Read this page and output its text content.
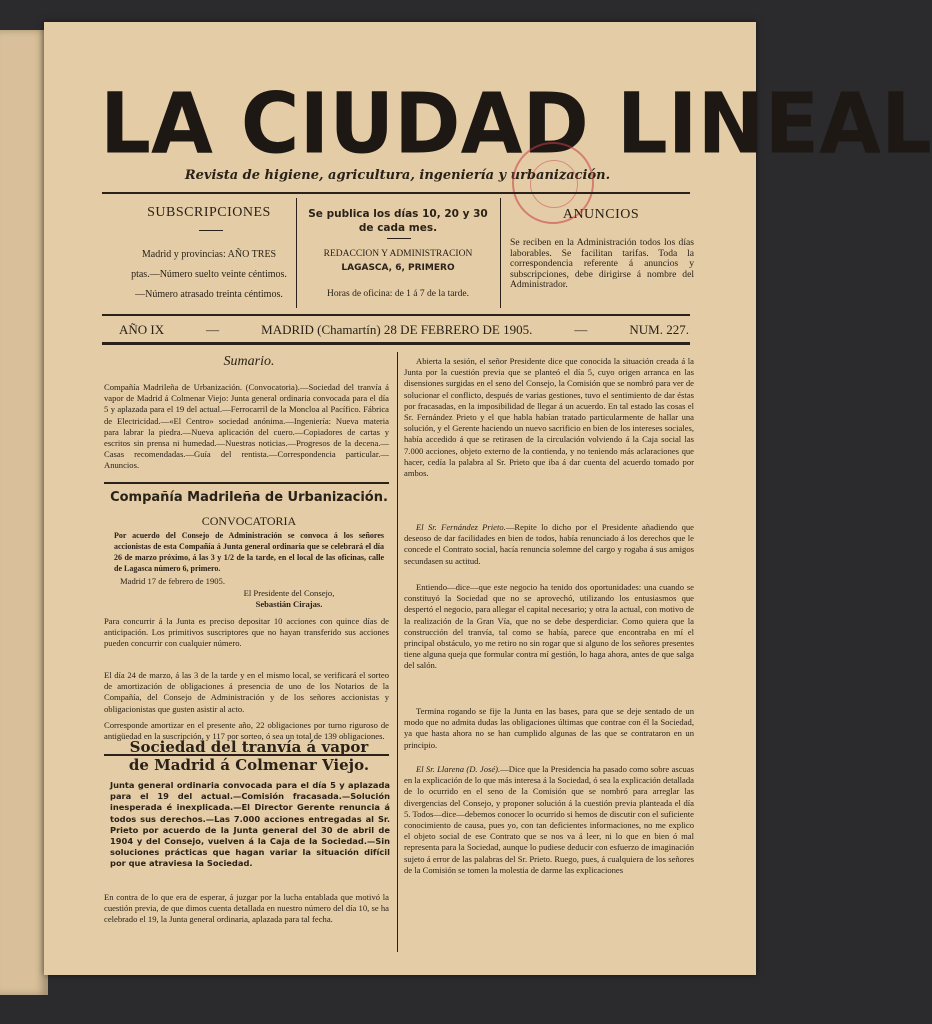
LA CIUDAD LINEAL
Revista de higiene, agricultura, ingeniería y urbanización.
SUBSCRIPCIONES
Madrid y provincias: AÑO TRES
ptas.—Número suelto veinte céntimos.
—Número atrasado treinta céntimos.
Se publica los días 10, 20 y 30
de cada mes.
REDACCION Y ADMINISTRACION
LAGASCA, 6, PRIMERO
Horas de oficina: de 1 á 7 de la tarde.
ANUNCIOS
Se reciben en la Administración todos los días laborables. Se facilitan tarifas. Toda la correspondencia referente á anuncios y subscripciones, debe dirigirse á nombre del Administrador.
AÑO IX	—	MADRID (Chamartín) 28 DE FEBRERO DE 1905.	—	NUM. 227.
Sumario.
Compañía Madrileña de Urbanización. (Convocatoria).—Sociedad del tranvía á vapor de Madrid á Colmenar Viejo: Junta general ordinaria convocada para el día 5 y aplazada para el 19 del actual.—Ferrocarril de la Moncloa al Pacífico. Fábrica de Electricidad.—«El Centro» sociedad anónima.—Ingeniería: Nueva materia para labrar la piedra.—Nueva aplicación del cuero.—Copiadores de cartas y escritos sin prensa ni humedad.—Nuestras noticias.—Progresos de la decena.—Casas recomendadas.—Guía del rentista.—Correspondencia particular.—Anuncios.
Compañía Madrileña de Urbanización.
CONVOCATORIA
Por acuerdo del Consejo de Administración se convoca á los señores accionistas de esta Compañía á Junta general ordinaria que se celebrará el día 26 de marzo próximo, á las 3 y 1/2 de la tarde, en el local de las oficinas, calle de Lagasca número 6, primero.
Madrid 17 de febrero de 1905.
El Presidente del Consejo,
Sebastián Cirajas.
Para concurrir á la Junta es preciso depositar 10 acciones con quince días de anticipación. Los primitivos suscriptores que no hayan transferido sus acciones pueden concurrir con cualquier número.
El día 24 de marzo, á las 3 de la tarde y en el mismo local, se verificará el sorteo de amortización de obligaciones á presencia de uno de los Notarios de la Compañía, del Consejo de Administración y de los señores accionistas y obligacionistas que gusten asistir al acto.
Corresponde amortizar en el presente año, 22 obligaciones por turno riguroso de antigüedad en la suscripción, y 117 por sorteo, ó sea un total de 139 obligaciones.
Sociedad del tranvía á vapor
de Madrid á Colmenar Viejo.
Junta general ordinaria convocada para el día 5 y aplazada para el 19 del actual.—Comisión fracasada.—Solución inesperada é inexplicada.—El Director Gerente renuncia á todos sus derechos.—Las 7.000 acciones entregadas al Sr. Prieto por acuerdo de la Junta general del 30 de abril de 1904 y del Consejo, vuelven á la Caja de la Sociedad.—Sin soluciones prácticas que hagan variar la situación difícil por que atraviesa la Sociedad.
En contra de lo que era de esperar, á juzgar por la lucha entablada que motivó la cuestión previa, de que dimos cuenta detallada en nuestro número del día 10, se ha celebrado el 19, la Junta general ordinaria, aplazada para tal fecha.

Abierta la sesión, el señor Presidente dice que conocida la situación creada á la Junta por la cuestión previa que se planteó el día 5, cuyo origen arranca en las disensiones surgidas en el seno del Consejo, la Comisión que se nombró para ver de solucionar el conflicto, después de varias gestiones, tuvo el sentimiento de dar éstas por fracasadas, en la imposibilidad de llegar á un acuerdo. En tal estado las cosas el Sr. Fernández Prieto y el que habla habían tratado particularmente de hallar una solución, y el Gerente haciendo un nuevo sacrificio en bien de los intereses sociales, había accedido á que se retirasen de la circulación volviendo á la Caja social las 7.000 acciones, objeto externo de la contienda, y no teniendo más aclaraciones que hacer, cedía la palabra al Sr. Prieto que iba á dar cuenta del acuerdo tomado por ambos.

El Sr. Fernández Prieto.—Repite lo dicho por el Presidente añadiendo que deseoso de dar facilidades en bien de todos, había renunciado á los derechos que le concede el Contrato social, hacía renuncia solemne del cargo y rogaba á sus amigos secundasen su actitud.

Entiendo—dice—que este negocio ha tenido dos oportunidades: una cuando se constituyó la Sociedad que no se aprovechó, utilizando los entusiasmos que despertó el negocio, para allegar el capital necesario; y otra la actual, con motivo de la realización de la Gran Vía, que no se debe desperdiciar. Como quiera que la construcción del tranvía, tal como se había, parece que encontraba en mí el principal obstáculo, yo me retiro no sin rogar que si alguno de los señores presentes tiene alguna queja que formular contra mí gestión, lo haga ahora, antes de que salga del salón.

Termina rogando se fije la Junta en las bases, para que se deje sentado de un modo que no admita dudas las obligaciones últimas que contrae con él la Sociedad, ya que hasta ahora no se han cumplido algunas de las que se contrataron en un principio.

El Sr. Llarena (D. José).—Dice que la Presidencia ha pasado como sobre ascuas en la explicación de lo que más interesa á la Sociedad, ó sea la explicación detallada de lo ocurrido en el seno de la Comisión que se nombró para arreglar las divergencias del Consejo, y proponer solución á la cuestión previa planteada el día 5. Todos—dice—debemos conocer lo ocurrido si hemos de discutir con el suficiente conocimiento de causa, pues yo, con tan deficientes informaciones, no me explico el objeto social de ese Contrato que se nos va á leer, ni lo que en bien ó mal representa para la Sociedad, aunque lo pudiese deducir con esfuerzo de imaginación sujeto á error de las palabras del Sr. Prieto. Ruego, pues, á cualquiera de los señores de la Comisión se tomen la molestia de darme las explicaciones
